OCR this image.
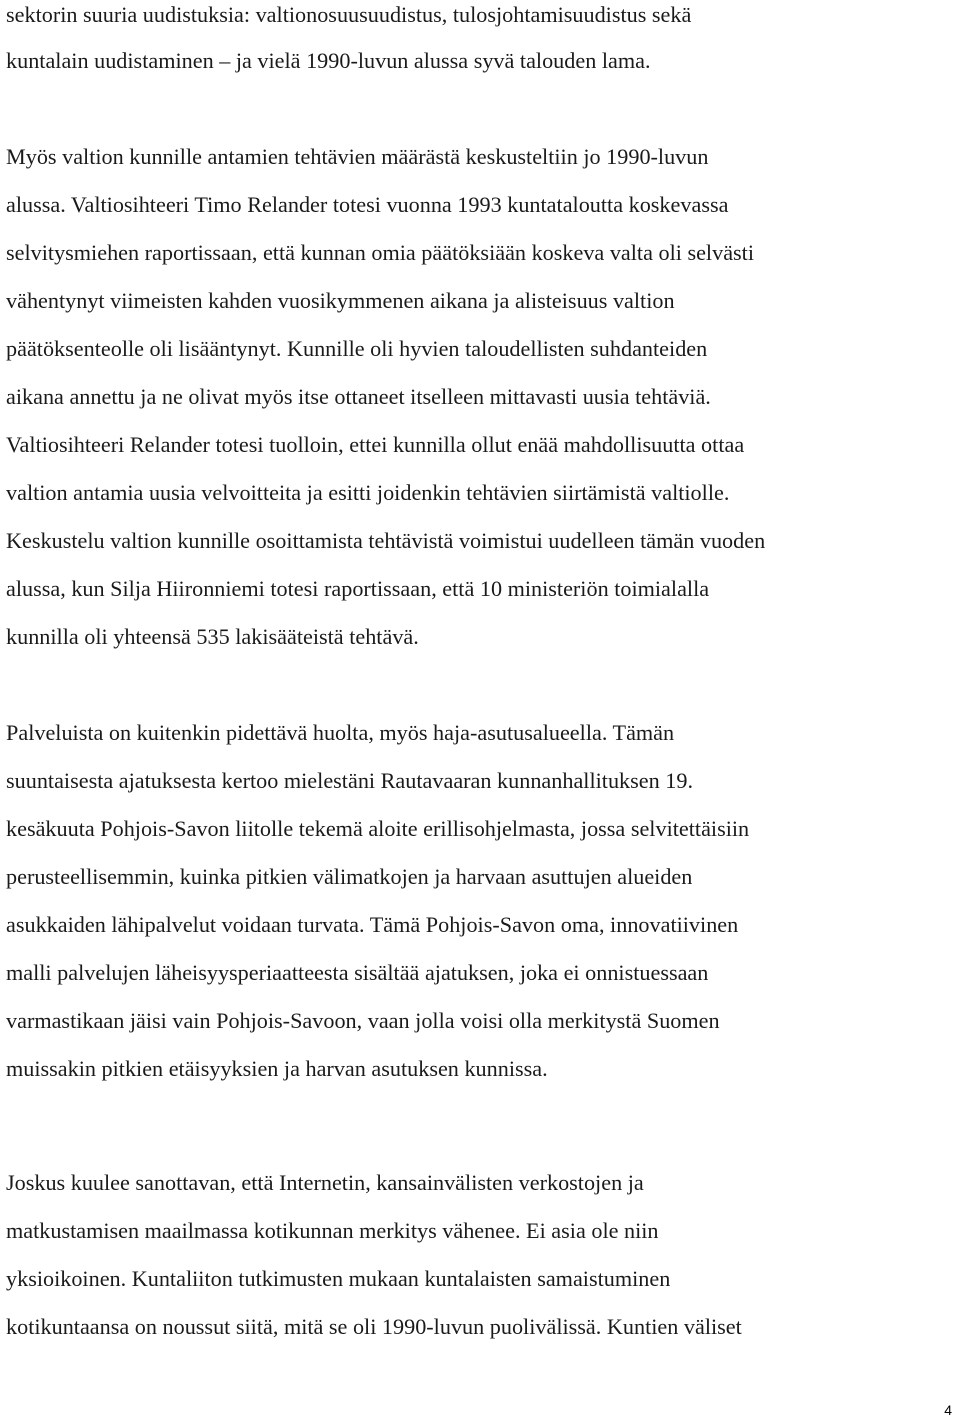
sektorin suuria uudistuksia: valtionosuusuudistus, tulosjohtamisuudistus sekä
kuntalain uudistaminen – ja vielä 1990-luvun alussa syvä talouden lama.
Myös valtion kunnille antamien tehtävien määrästä keskusteltiin jo 1990-luvun
alussa. Valtiosihteeri Timo Relander totesi vuonna 1993 kuntataloutta koskevassa
selvitysmiehen raportissaan, että kunnan omia päätöksiään koskeva valta oli selvästi
vähentynyt viimeisten kahden vuosikymmenen aikana ja alisteisuus valtion
päätöksenteolle oli lisääntynyt. Kunnille oli hyvien taloudellisten suhdanteiden
aikana annettu ja ne olivat myös itse ottaneet itselleen mittavasti uusia tehtäviä.
Valtiosihteeri Relander totesi tuolloin, ettei kunnilla ollut enää mahdollisuutta ottaa
valtion antamia uusia velvoitteita ja esitti joidenkin tehtävien siirtämistä valtiolle.
Keskustelu valtion kunnille osoittamista tehtävistä voimistui uudelleen tämän vuoden
alussa, kun Silja Hiironniemi totesi raportissaan, että 10 ministeriön toimialalla
kunnilla oli yhteensä 535 lakisääteistä tehtävä.
Palveluista on kuitenkin pidettävä huolta, myös haja-asutusalueella. Tämän
suuntaisesta ajatuksesta kertoo mielestäni Rautavaaran kunnanhallituksen 19.
kesäkuuta Pohjois-Savon liitolle tekemä aloite erillisohjelmasta, jossa selvitettäisiin
perusteellisemmin, kuinka pitkien välimatkojen ja harvaan asuttujen alueiden
asukkaiden lähipalvelut voidaan turvata. Tämä Pohjois-Savon oma, innovatiivinen
malli palvelujen läheisyysperiaatteesta sisältää ajatuksen, joka ei onnistuessaan
varmastikaan jäisi vain Pohjois-Savoon, vaan jolla voisi olla merkitystä Suomen
muissakin pitkien etäisyyksien ja harvan asutuksen kunnissa.
Joskus kuulee sanottavan, että Internetin, kansainvälisten verkostojen ja
matkustamisen maailmassa kotikunnan merkitys vähenee. Ei asia ole niin
yksioikoinen. Kuntaliiton tutkimusten mukaan kuntalaisten samaistuminen
kotikuntaansa on noussut siitä, mitä se oli 1990-luvun puolivälissä. Kuntien väliset
4
